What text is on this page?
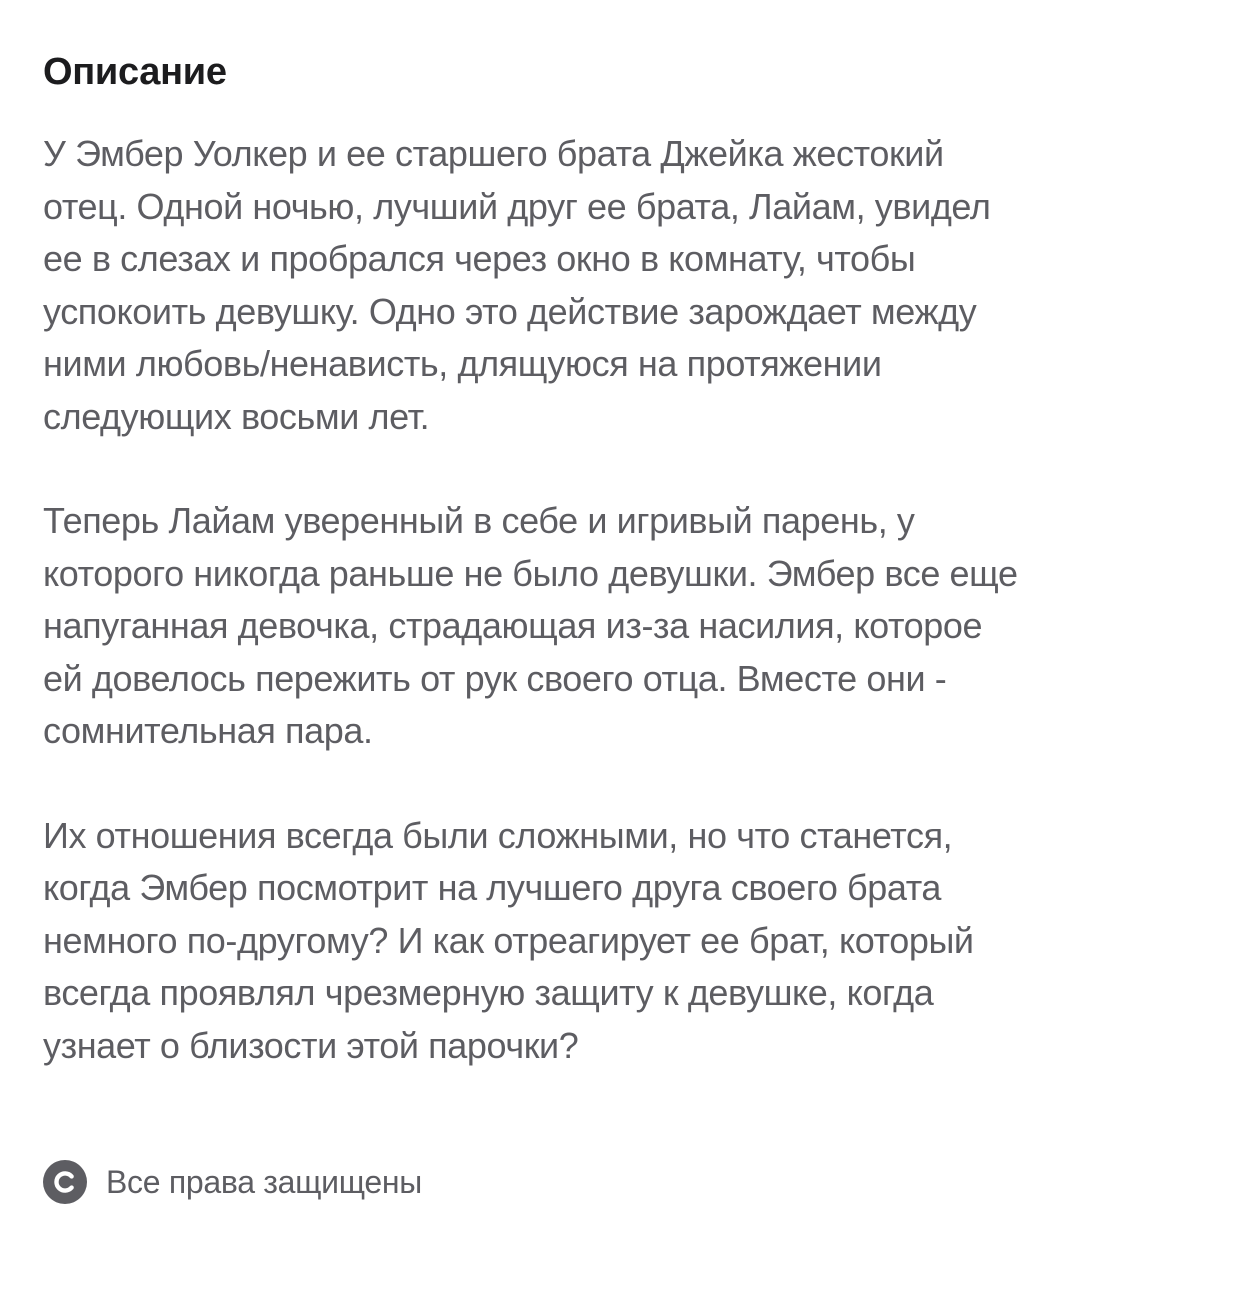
Описание

У Эмбер Уолкер и ее старшего брата Джейка жестокий
отец. Одной ночью, лучший друг ее брата, Лайам, увидел
ее в слезах и пробрался через окно в комнату, чтобы
успокоить девушку. Одно это действие зарождает между
ними любовь/ненависть, длящуюся на протяжении
следующих восьми лет.

Теперь Лайам уверенный в себе и игривый парень, у
которого никогда раньше не было девушки. Эмбер все еще
напуганная девочка, страдающая из-за насилия, которое
ей довелось пережить от рук своего отца. Вместе они -
сомнительная пара.

Их отношения всегда были сложными, но что станется,
когда Эмбер посмотрит на лучшего друга своего брата
немного по-другому? И как отреагирует ее брат, который
всегда проявлял чрезмерную защиту к девушке, когда
узнает о близости этой парочки?

Все права защищены
